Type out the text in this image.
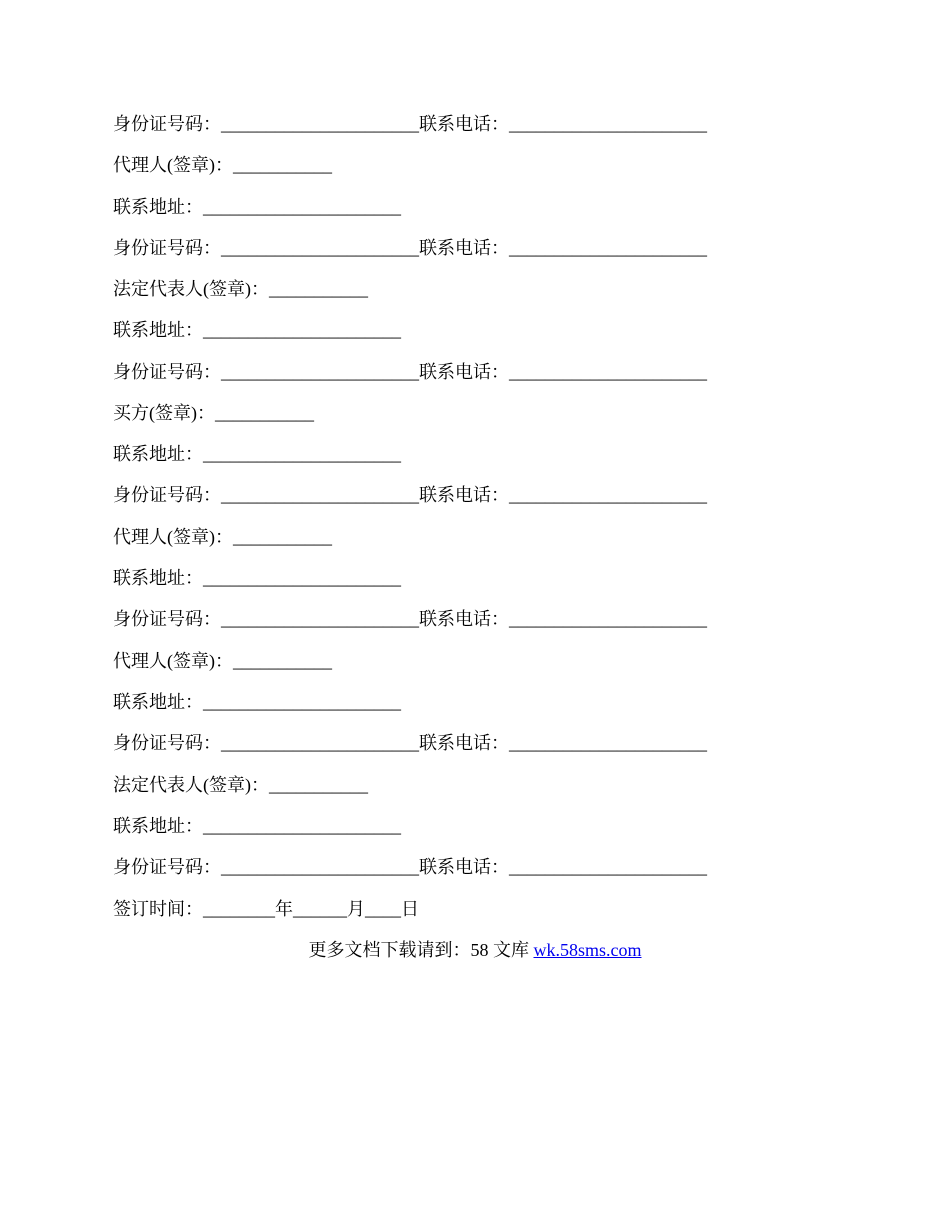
身份证号码：______________________联系电话：______________________
代理人(签章)：___________
联系地址：______________________
身份证号码：______________________联系电话：______________________
法定代表人(签章)：___________
联系地址：______________________
身份证号码：______________________联系电话：______________________
买方(签章)：___________
联系地址：______________________
身份证号码：______________________联系电话：______________________
代理人(签章)：___________
联系地址：______________________
身份证号码：______________________联系电话：______________________
代理人(签章)：___________
联系地址：______________________
身份证号码：______________________联系电话：______________________
法定代表人(签章)：___________
联系地址：______________________
身份证号码：______________________联系电话：______________________
签订时间：________年______月____日
更多文档下载请到：58 文库 wk.58sms.com
